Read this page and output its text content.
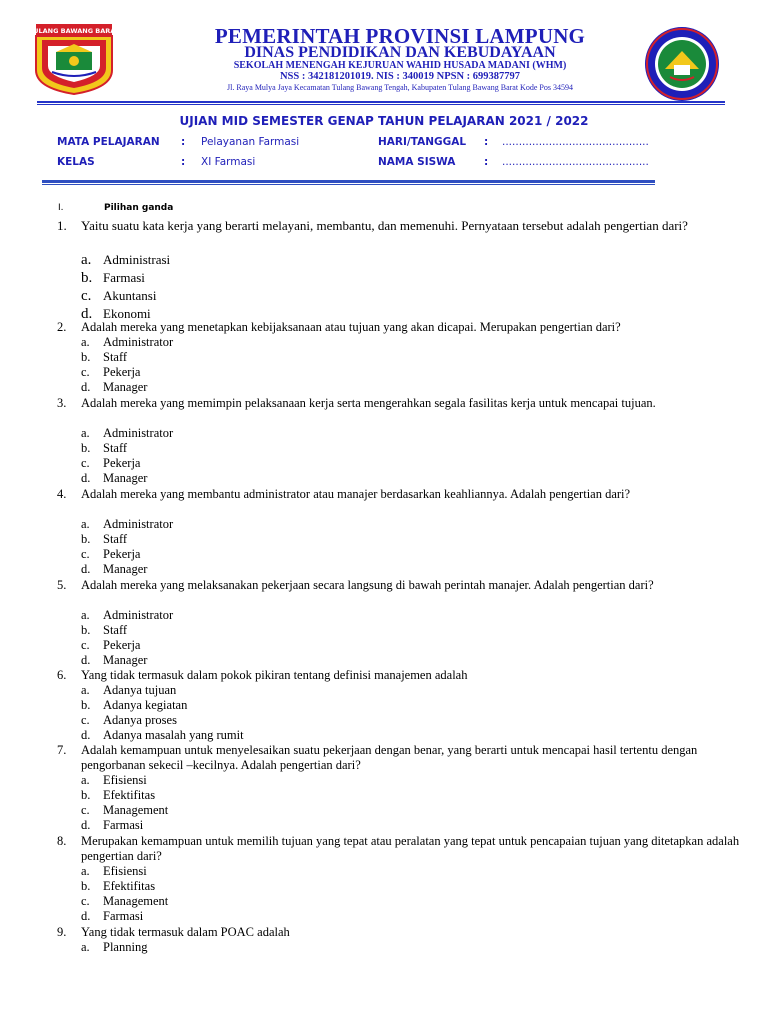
TULANG BAWANG BARAT	PEMERINTAH PROVINSI LAMPUNG
DINAS PENDIDIKAN DAN KEBUDAYAAN
SEKOLAH MENENGAH KEJURUAN WAHID HUSADA MADANI (WHM)
NSS : 342181201019. NIS : 340019 NPSN : 699387797
Jl. Raya Mulya Jaya Kecamatan Tulang Bawang Tengah, Kabupaten Tulang Bawang Barat Kode Pos 34594
UJIAN MID SEMESTER GENAP TAHUN PELAJARAN 2021 / 2022
MATA PELAJARAN : Pelayanan Farmasi	HARI/TANGGAL : ............................................
KELAS	: XI Farmasi	NAMA SISWA	: ............................................
I.	Pilihan ganda
1. Yaitu suatu kata kerja yang berarti melayani, membantu, dan memenuhi. Pernyataan tersebut adalah pengertian dari?
a. Administrasi
b. Farmasi
c. Akuntansi
d. Ekonomi
2. Adalah mereka yang menetapkan kebijaksanaan atau tujuan yang akan dicapai. Merupakan pengertian dari?
a. Administrator
b. Staff
c. Pekerja
d. Manager
3. Adalah mereka yang memimpin pelaksanaan kerja serta mengerahkan segala fasilitas kerja untuk mencapai tujuan.
a. Administrator
b. Staff
c. Pekerja
d. Manager
4. Adalah mereka yang membantu administrator atau manajer berdasarkan keahliannya. Adalah pengertian dari?
a. Administrator
b. Staff
c. Pekerja
d. Manager
5. Adalah mereka yang melaksanakan pekerjaan secara langsung di bawah perintah manajer. Adalah pengertian dari?
a. Administrator
b. Staff
c. Pekerja
d. Manager
6. Yang tidak termasuk dalam pokok pikiran tentang definisi manajemen adalah
a. Adanya tujuan
b. Adanya kegiatan
c. Adanya proses
d. Adanya masalah yang rumit
7. Adalah kemampuan untuk menyelesaikan suatu pekerjaan dengan benar, yang berarti untuk mencapai hasil tertentu dengan pengorbanan sekecil –kecilnya. Adalah pengertian dari?
a. Efisiensi
b. Efektifitas
c. Management
d. Farmasi
8. Merupakan kemampuan untuk memilih tujuan yang tepat atau peralatan yang tepat untuk pencapaian tujuan yang ditetapkan adalah pengertian dari?
a. Efisiensi
b. Efektifitas
c. Management
d. Farmasi
9. Yang tidak termasuk dalam POAC adalah
a. Planning
